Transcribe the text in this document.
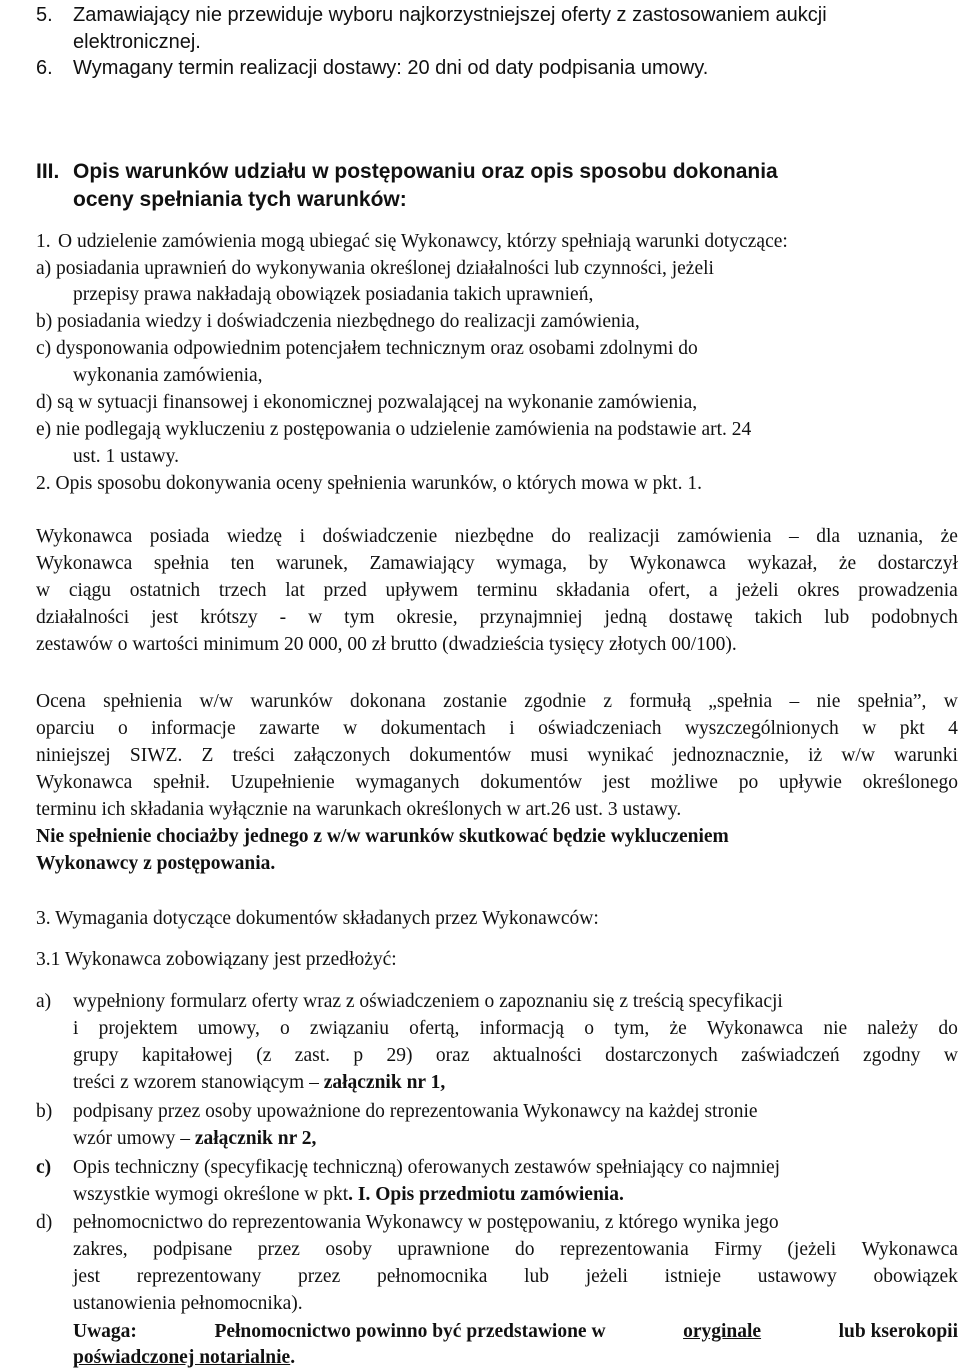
5. Zamawiający nie przewiduje wyboru najkorzystniejszej oferty z zastosowaniem aukcji
elektronicznej.
6. Wymagany termin realizacji dostawy: 20 dni od daty podpisania umowy.
III. Opis warunków udziału w postępowaniu oraz opis sposobu dokonania
oceny spełniania tych warunków:
1. O udzielenie zamówienia mogą ubiegać się Wykonawcy, którzy spełniają warunki dotyczące:
a) posiadania uprawnień do wykonywania określonej działalności lub czynności, jeżeli
przepisy prawa nakładają obowiązek posiadania takich uprawnień,
b) posiadania wiedzy i doświadczenia niezbędnego do realizacji zamówienia,
c) dysponowania odpowiednim potencjałem technicznym oraz osobami zdolnymi do
wykonania zamówienia,
d) są w sytuacji finansowej i ekonomicznej pozwalającej na wykonanie zamówienia,
e) nie podlegają wykluczeniu z postępowania o udzielenie zamówienia na podstawie art. 24
ust. 1 ustawy.
2. Opis sposobu dokonywania oceny spełnienia warunków, o których mowa w pkt. 1.
Wykonawca posiada wiedzę i doświadczenie niezbędne do realizacji zamówienia – dla uznania, że
Wykonawca spełnia ten warunek, Zamawiający wymaga, by Wykonawca wykazał, że dostarczył
w ciągu ostatnich trzech lat przed upływem terminu składania ofert, a jeżeli okres prowadzenia
działalności jest krótszy - w tym okresie, przynajmniej jedną dostawę takich lub podobnych
zestawów o wartości minimum 20 000, 00 zł brutto (dwadzieścia tysięcy złotych 00/100).
Ocena spełnienia w/w warunków dokonana zostanie zgodnie z formułą „spełnia – nie spełnia”, w
oparciu o informacje zawarte w dokumentach i oświadczeniach wyszczególnionych w pkt 4
niniejszej SIWZ. Z treści załączonych dokumentów musi wynikać jednoznacznie, iż w/w warunki
Wykonawca spełnił. Uzupełnienie wymaganych dokumentów jest możliwe po upływie określonego
terminu ich składania wyłącznie na warunkach określonych w art.26 ust. 3 ustawy.
Nie spełnienie chociażby jednego z w/w warunków skutkować będzie wykluczeniem
Wykonawcy z postępowania.
3. Wymagania dotyczące dokumentów składanych przez Wykonawców:
3.1 Wykonawca zobowiązany jest przedłożyć:
a) wypełniony formularz oferty wraz z oświadczeniem o zapoznaniu się z treścią specyfikacji
i projektem umowy, o związaniu ofertą, informacją o tym, że Wykonawca nie należy do
grupy kapitałowej (z zast. p 29) oraz aktualności dostarczonych zaświadczeń zgodny w
treści z wzorem stanowiącym – załącznik nr 1,
b) podpisany przez osoby upoważnione do reprezentowania Wykonawcy na każdej stronie
wzór umowy – załącznik nr 2,
c) Opis techniczny (specyfikację techniczną) oferowanych zestawów spełniający co najmniej
wszystkie wymogi określone w pkt. I. Opis przedmiotu zamówienia.
d) pełnomocnictwo do reprezentowania Wykonawcy w postępowaniu, z którego wynika jego
zakres, podpisane przez osoby uprawnione do reprezentowania Firmy (jeżeli Wykonawca
jest reprezentowany przez pełnomocnika lub jeżeli istnieje ustawowy obowiązek
ustanowienia pełnomocnika).
Uwaga:	Pełnomocnictwo powinno być przedstawione w	oryginale	lub kserokopii
poświadczonej notarialnie.
